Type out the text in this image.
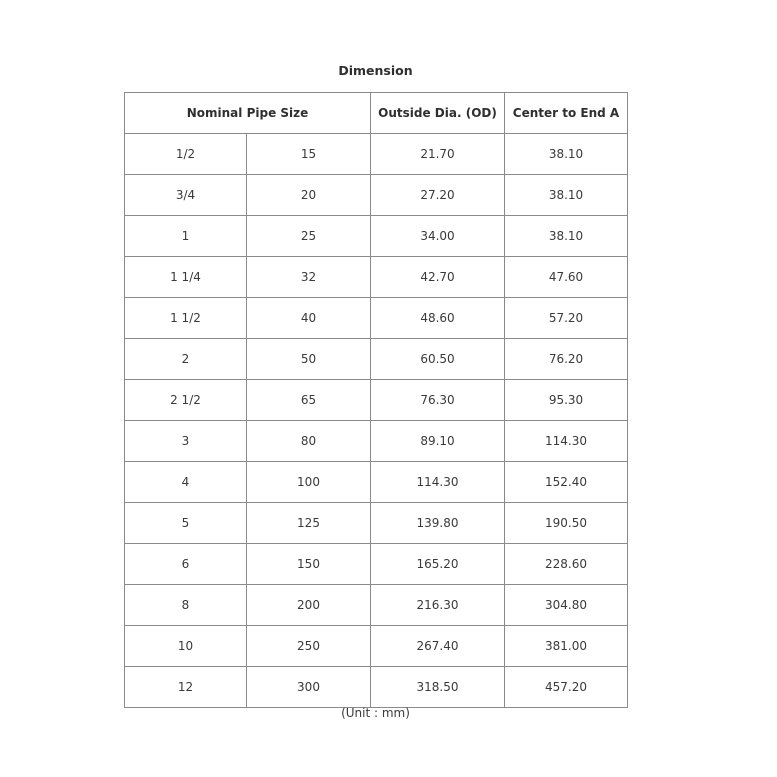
Dimension
Nominal Pipe Size		Outside Dia. (OD)	Center to End A
1/2	15	21.70	38.10
3/4	20	27.20	38.10
1	25	34.00	38.10
1 1/4	32	42.70	47.60
1 1/2	40	48.60	57.20
2	50	60.50	76.20
2 1/2	65	76.30	95.30
3	80	89.10	114.30
4	100	114.30	152.40
5	125	139.80	190.50
6	150	165.20	228.60
8	200	216.30	304.80
10	250	267.40	381.00
12	300	318.50	457.20
(Unit : mm)
